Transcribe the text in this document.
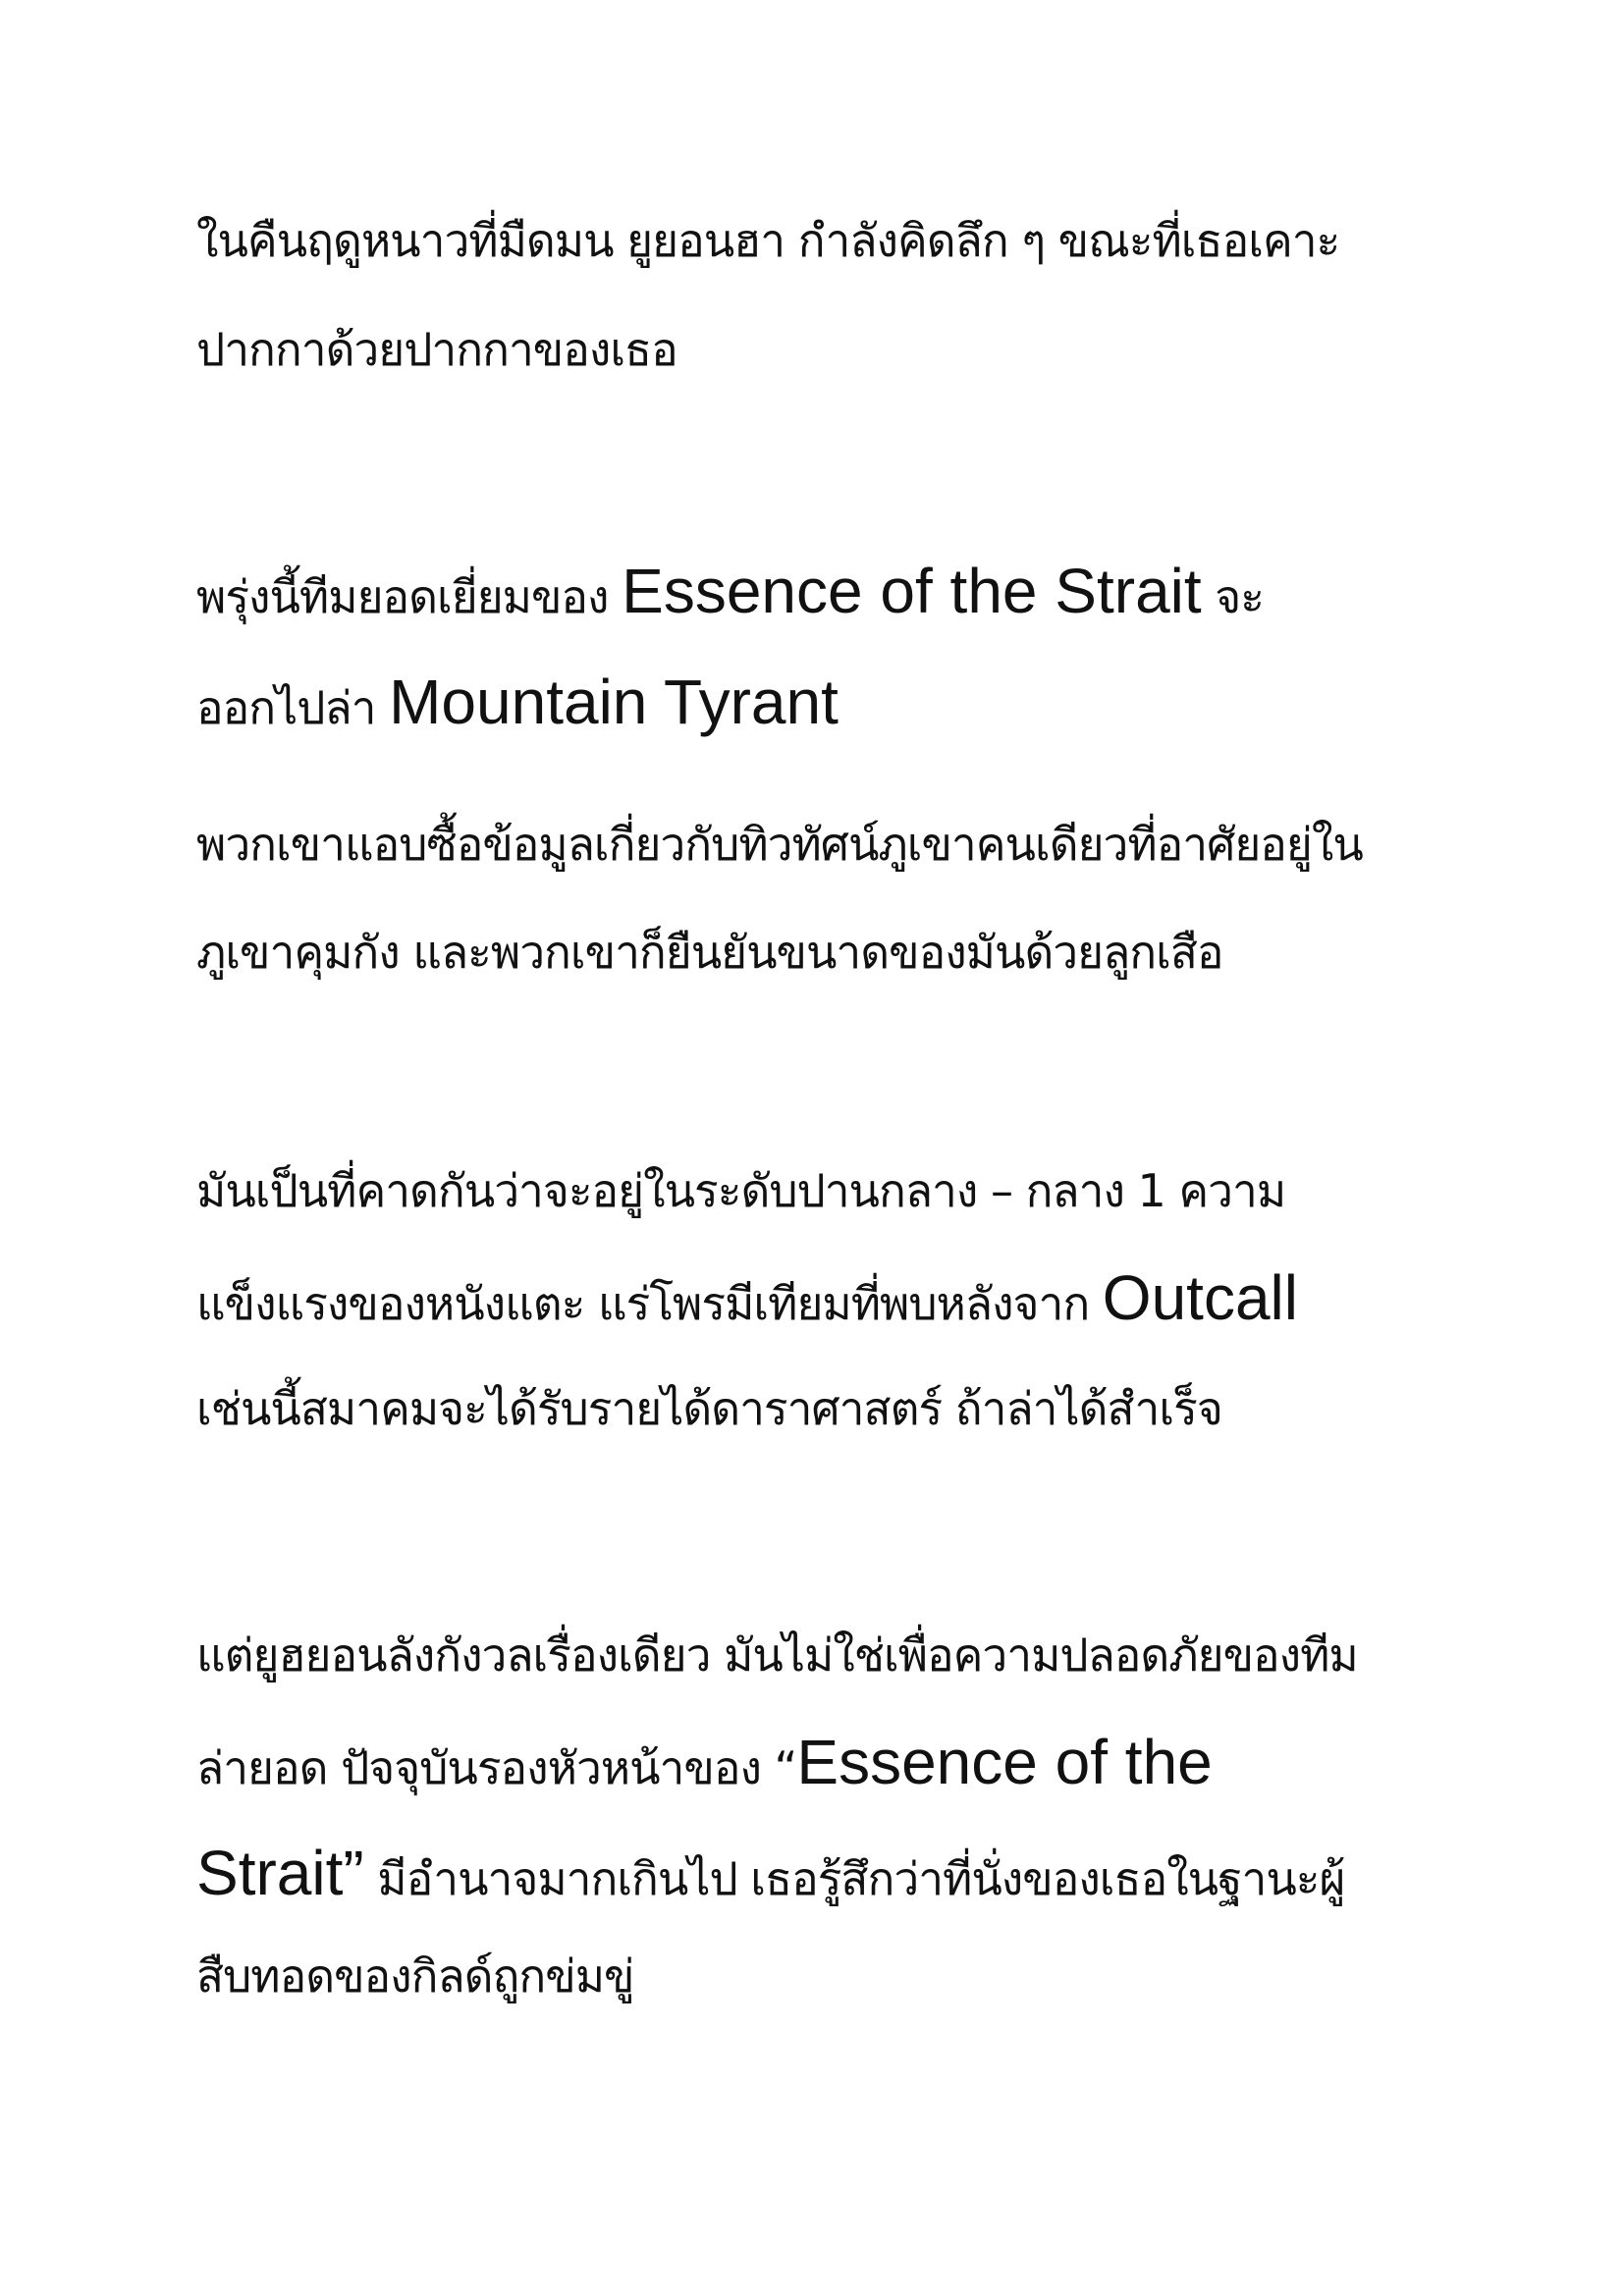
ในคืนฤดูหนาวที่มืดมน ยูยอนฮา กำลังคิดลึก ๆ ขณะที่เธอเคาะ
ปากกาด้วยปากกาของเธอ
พรุ่งนี้ทีมยอดเยี่ยมของ Essence of the Strait จะ
ออกไปล่า Mountain Tyrant
พวกเขาแอบซื้อข้อมูลเกี่ยวกับทิวทัศน์ภูเขาคนเดียวที่อาศัยอยู่ใน
ภูเขาคุมกัง และพวกเขาก็ยืนยันขนาดของมันด้วยลูกเสือ
มันเป็นที่คาดกันว่าจะอยู่ในระดับปานกลาง – กลาง 1 ความ
แข็งแรงของหนังแตะ แร่โพรมีเทียมที่พบหลังจาก Outcall
เช่นนี้สมาคมจะได้รับรายได้ดาราศาสตร์ ถ้าล่าได้สำเร็จ
แต่ยูฮยอนลังกังวลเรื่องเดียว มันไม่ใช่เพื่อความปลอดภัยของทีม
ล่ายอด ปัจจุบันรองหัวหน้าของ “Essence of the
Strait” มีอำนาจมากเกินไป เธอรู้สึกว่าที่นั่งของเธอในฐานะผู้
สืบทอดของกิลด์ถูกข่มขู่
